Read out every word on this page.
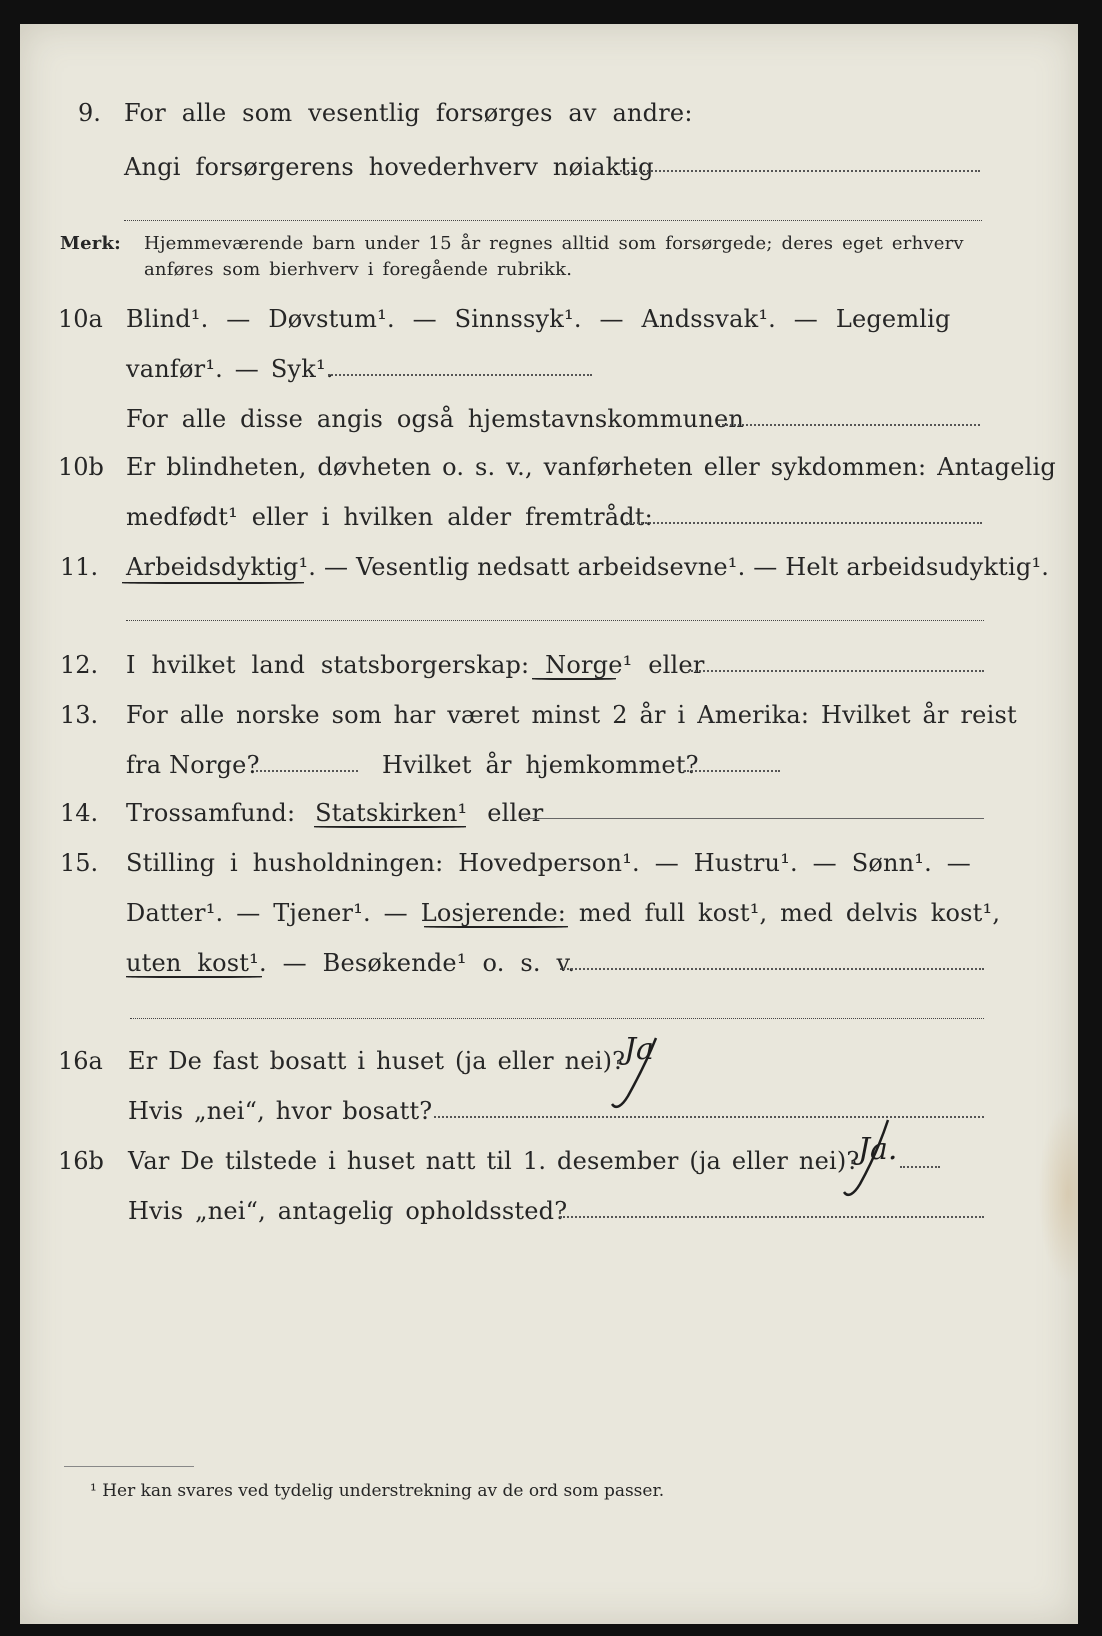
9. For alle som vesentlig forsørges av andre:
Angi forsørgerens hovederhverv nøiaktig
Merk: Hjemmeværende barn under 15 år regnes alltid som forsørgede; deres eget erhverv
anføres som bierhverv i foregående rubrikk.
10a Blind¹. — Døvstum¹. — Sinnssyk¹. — Andssvak¹. — Legemlig
vanfør¹. — Syk¹.
For alle disse angis også hjemstavnskommunen
10b Er blindheten, døvheten o. s. v., vanførheten eller sykdommen: Antagelig
medfødt¹ eller i hvilken alder fremtrådt:
11. Arbeidsdyktig¹. — Vesentlig nedsatt arbeidsevne¹. — Helt arbeidsudyktig¹.
12. I hvilket land statsborgerskap: Norge¹ eller
13. For alle norske som har været minst 2 år i Amerika: Hvilket år reist
fra Norge?	Hvilket år hjemkommet?
14. Trossamfund: Statskirken¹ eller
15. Stilling i husholdningen: Hovedperson¹. — Hustru¹. — Sønn¹. —
Datter¹. — Tjener¹. — Losjerende: med full kost¹, med delvis kost¹,
uten kost¹. — Besøkende¹ o. s. v.
16a Er De fast bosatt i huset (ja eller nei)?
Ja
Hvis „nei“, hvor bosatt?
16b Var De tilstede i huset natt til 1. desember (ja eller nei)?
Ja.
Hvis „nei“, antagelig opholdssted?
¹ Her kan svares ved tydelig understrekning av de ord som passer.
